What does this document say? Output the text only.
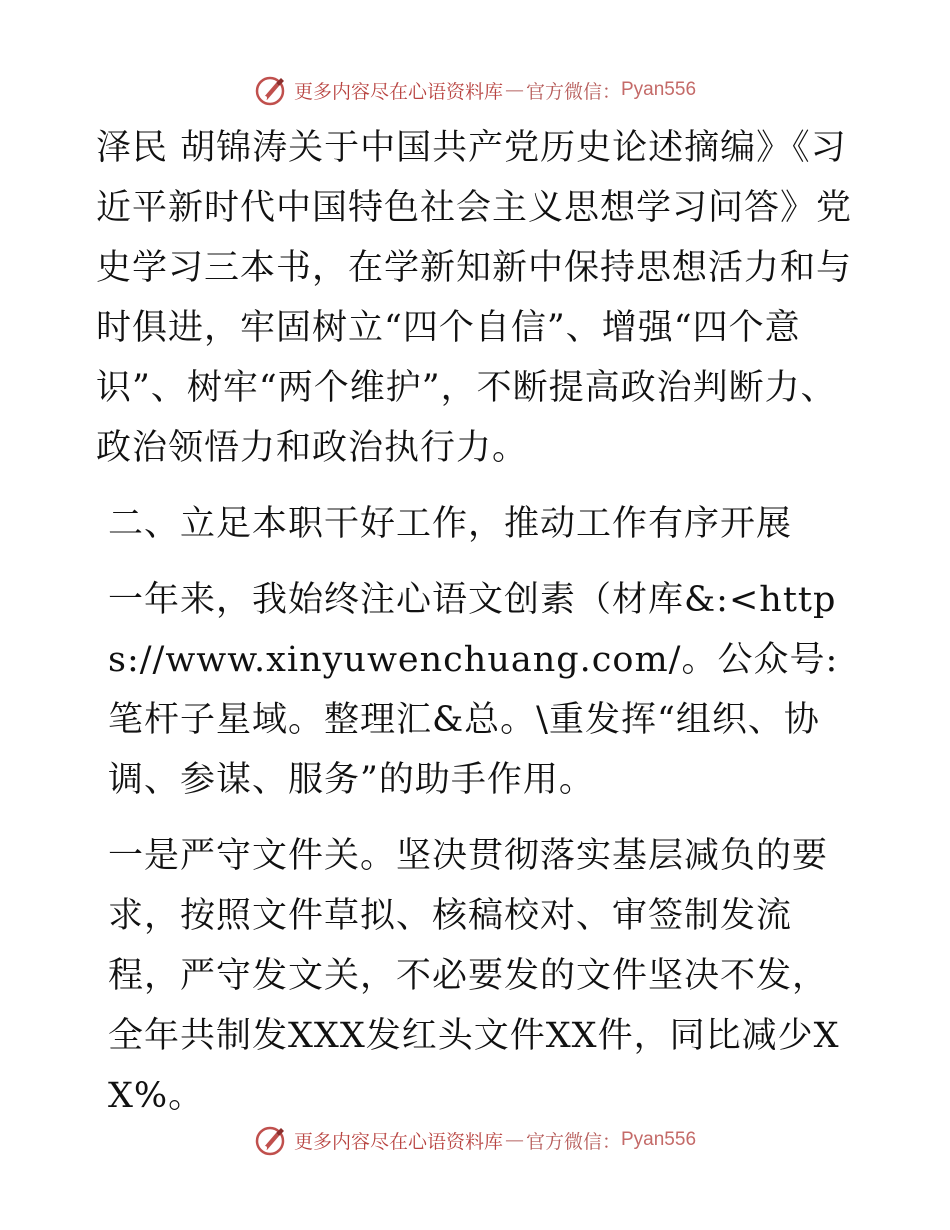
更多内容尽在心语资料库 — 官方微信： Pyan556

泽民 胡锦涛关于中国共产党历史论述摘编》《习近平新时代中国特色社会主义思想学习问答》党史学习三本书，在学新知新中保持思想活力和与时俱进，牢固树立“四个自信”、增强“四个意识”、树牢“两个维护”，不断提高政治判断力、政治领悟力和政治执行力。

二、立足本职干好工作，推动工作有序开展

一年来，我始终注心语文创素（材库&:<https://www.xinyuwenchuang.com/。公众号: 笔杆子星域。整理汇&总。\重发挥“组织、协调、参谋、服务”的助手作用。

一是严守文件关。坚决贯彻落实基层减负的要求，按照文件草拟、核稿校对、审签制发流程，严守发文关，不必要发的文件坚决不发，全年共制发XXX发红头文件XX件，同比减少XX%。

更多内容尽在心语资料库 — 官方微信： Pyan556
